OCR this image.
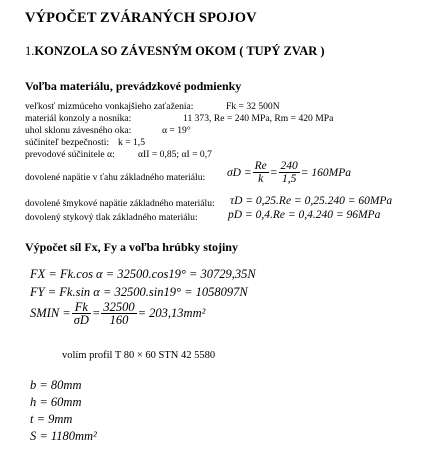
VÝPOČET ZVÁRANÝCH SPOJOV
1.KONZOLA SO ZÁVESNÝM OKOM ( TUPÝ ZVAR )
Voľba materiálu, prevádzkové podmienky
veľkosť mizmúceho vonkajšieho zaťaženia:	Fk = 32 500N
materiál konzoly a nosníka:	11 373, Re = 240 MPa, Rm = 420 MPa
uhol sklonu závesného oka:	α = 19°
súčiniteľ bezpečnosti: k = 1,5
prevodové súčinitele α: αII = 0,85; αI = 0,7
dovolené napätie v ťahu základného materiálu: $\sigma D = \frac{Re}{k} = \frac{240}{1,5} = 160MPa$
dovolené šmykové napätie základného materiálu: τD = 0,25.Re = 0,25.240 = 60MPa
dovolený stykový tlak základného materiálu:	pD = 0,4.Re = 0,4.240 = 96MPa
Výpočet síl Fx, Fy a voľba hrúbky stojiny
FX = Fk.cos α = 32500.cos19° = 30729,35N
FY = Fk.sin α = 32500.sin19° = 1058097N
SMIN = $\frac{Fk}{\sigma D} = \frac{32500}{160} = 203,13mm^2$
volím profil T 80 × 60 STN 42 5580
b = 80mm
h = 60mm
t = 9mm
S = 1180mm²
